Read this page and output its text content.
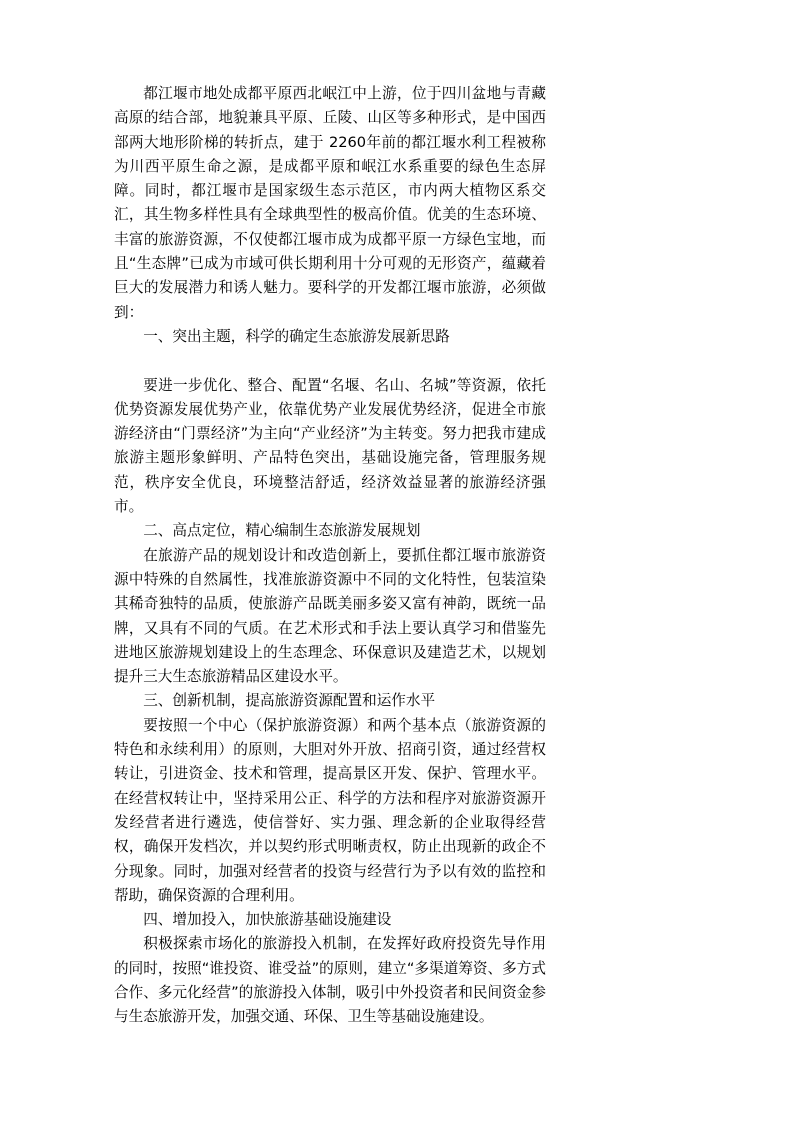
都江堰市地处成都平原西北岷江中上游，位于四川盆地与青藏高原的结合部，地貌兼具平原、丘陵、山区等多种形式，是中国西部两大地形阶梯的转折点，建于 2260年前的都江堰水利工程被称为川西平原生命之源，是成都平原和岷江水系重要的绿色生态屏障。同时，都江堰市是国家级生态示范区，市内两大植物区系交汇，其生物多样性具有全球典型性的极高价值。优美的生态环境、丰富的旅游资源，不仅使都江堰市成为成都平原一方绿色宝地，而且“生态牌”已成为市域可供长期利用十分可观的无形资产，蕴藏着巨大的发展潜力和诱人魅力。要科学的开发都江堰市旅游，必须做到：

一、突出主题，科学的确定生态旅游发展新思路

要进一步优化、整合、配置“名堰、名山、名城”等资源，依托优势资源发展优势产业，依靠优势产业发展优势经济，促进全市旅游经济由“门票经济”为主向“产业经济”为主转变。努力把我市建成旅游主题形象鲜明、产品特色突出，基础设施完备，管理服务规范，秩序安全优良，环境整洁舒适，经济效益显著的旅游经济强市。

二、高点定位，精心编制生态旅游发展规划

在旅游产品的规划设计和改造创新上，要抓住都江堰市旅游资源中特殊的自然属性，找准旅游资源中不同的文化特性，包装渲染其稀奇独特的品质，使旅游产品既美丽多姿又富有神韵，既统一品牌，又具有不同的气质。在艺术形式和手法上要认真学习和借鉴先进地区旅游规划建设上的生态理念、环保意识及建造艺术，以规划提升三大生态旅游精品区建设水平。

三、创新机制，提高旅游资源配置和运作水平

要按照一个中心（保护旅游资源）和两个基本点（旅游资源的特色和永续利用）的原则，大胆对外开放、招商引资，通过经营权转让，引进资金、技术和管理，提高景区开发、保护、管理水平。在经营权转让中，坚持采用公正、科学的方法和程序对旅游资源开发经营者进行遴选，使信誉好、实力强、理念新的企业取得经营权，确保开发档次，并以契约形式明晰责权，防止出现新的政企不分现象。同时，加强对经营者的投资与经营行为予以有效的监控和帮助，确保资源的合理利用。

四、增加投入，加快旅游基础设施建设

积极探索市场化的旅游投入机制，在发挥好政府投资先导作用的同时，按照“谁投资、谁受益”的原则，建立“多渠道筹资、多方式合作、多元化经营”的旅游投入体制，吸引中外投资者和民间资金参与生态旅游开发，加强交通、环保、卫生等基础设施建设。
